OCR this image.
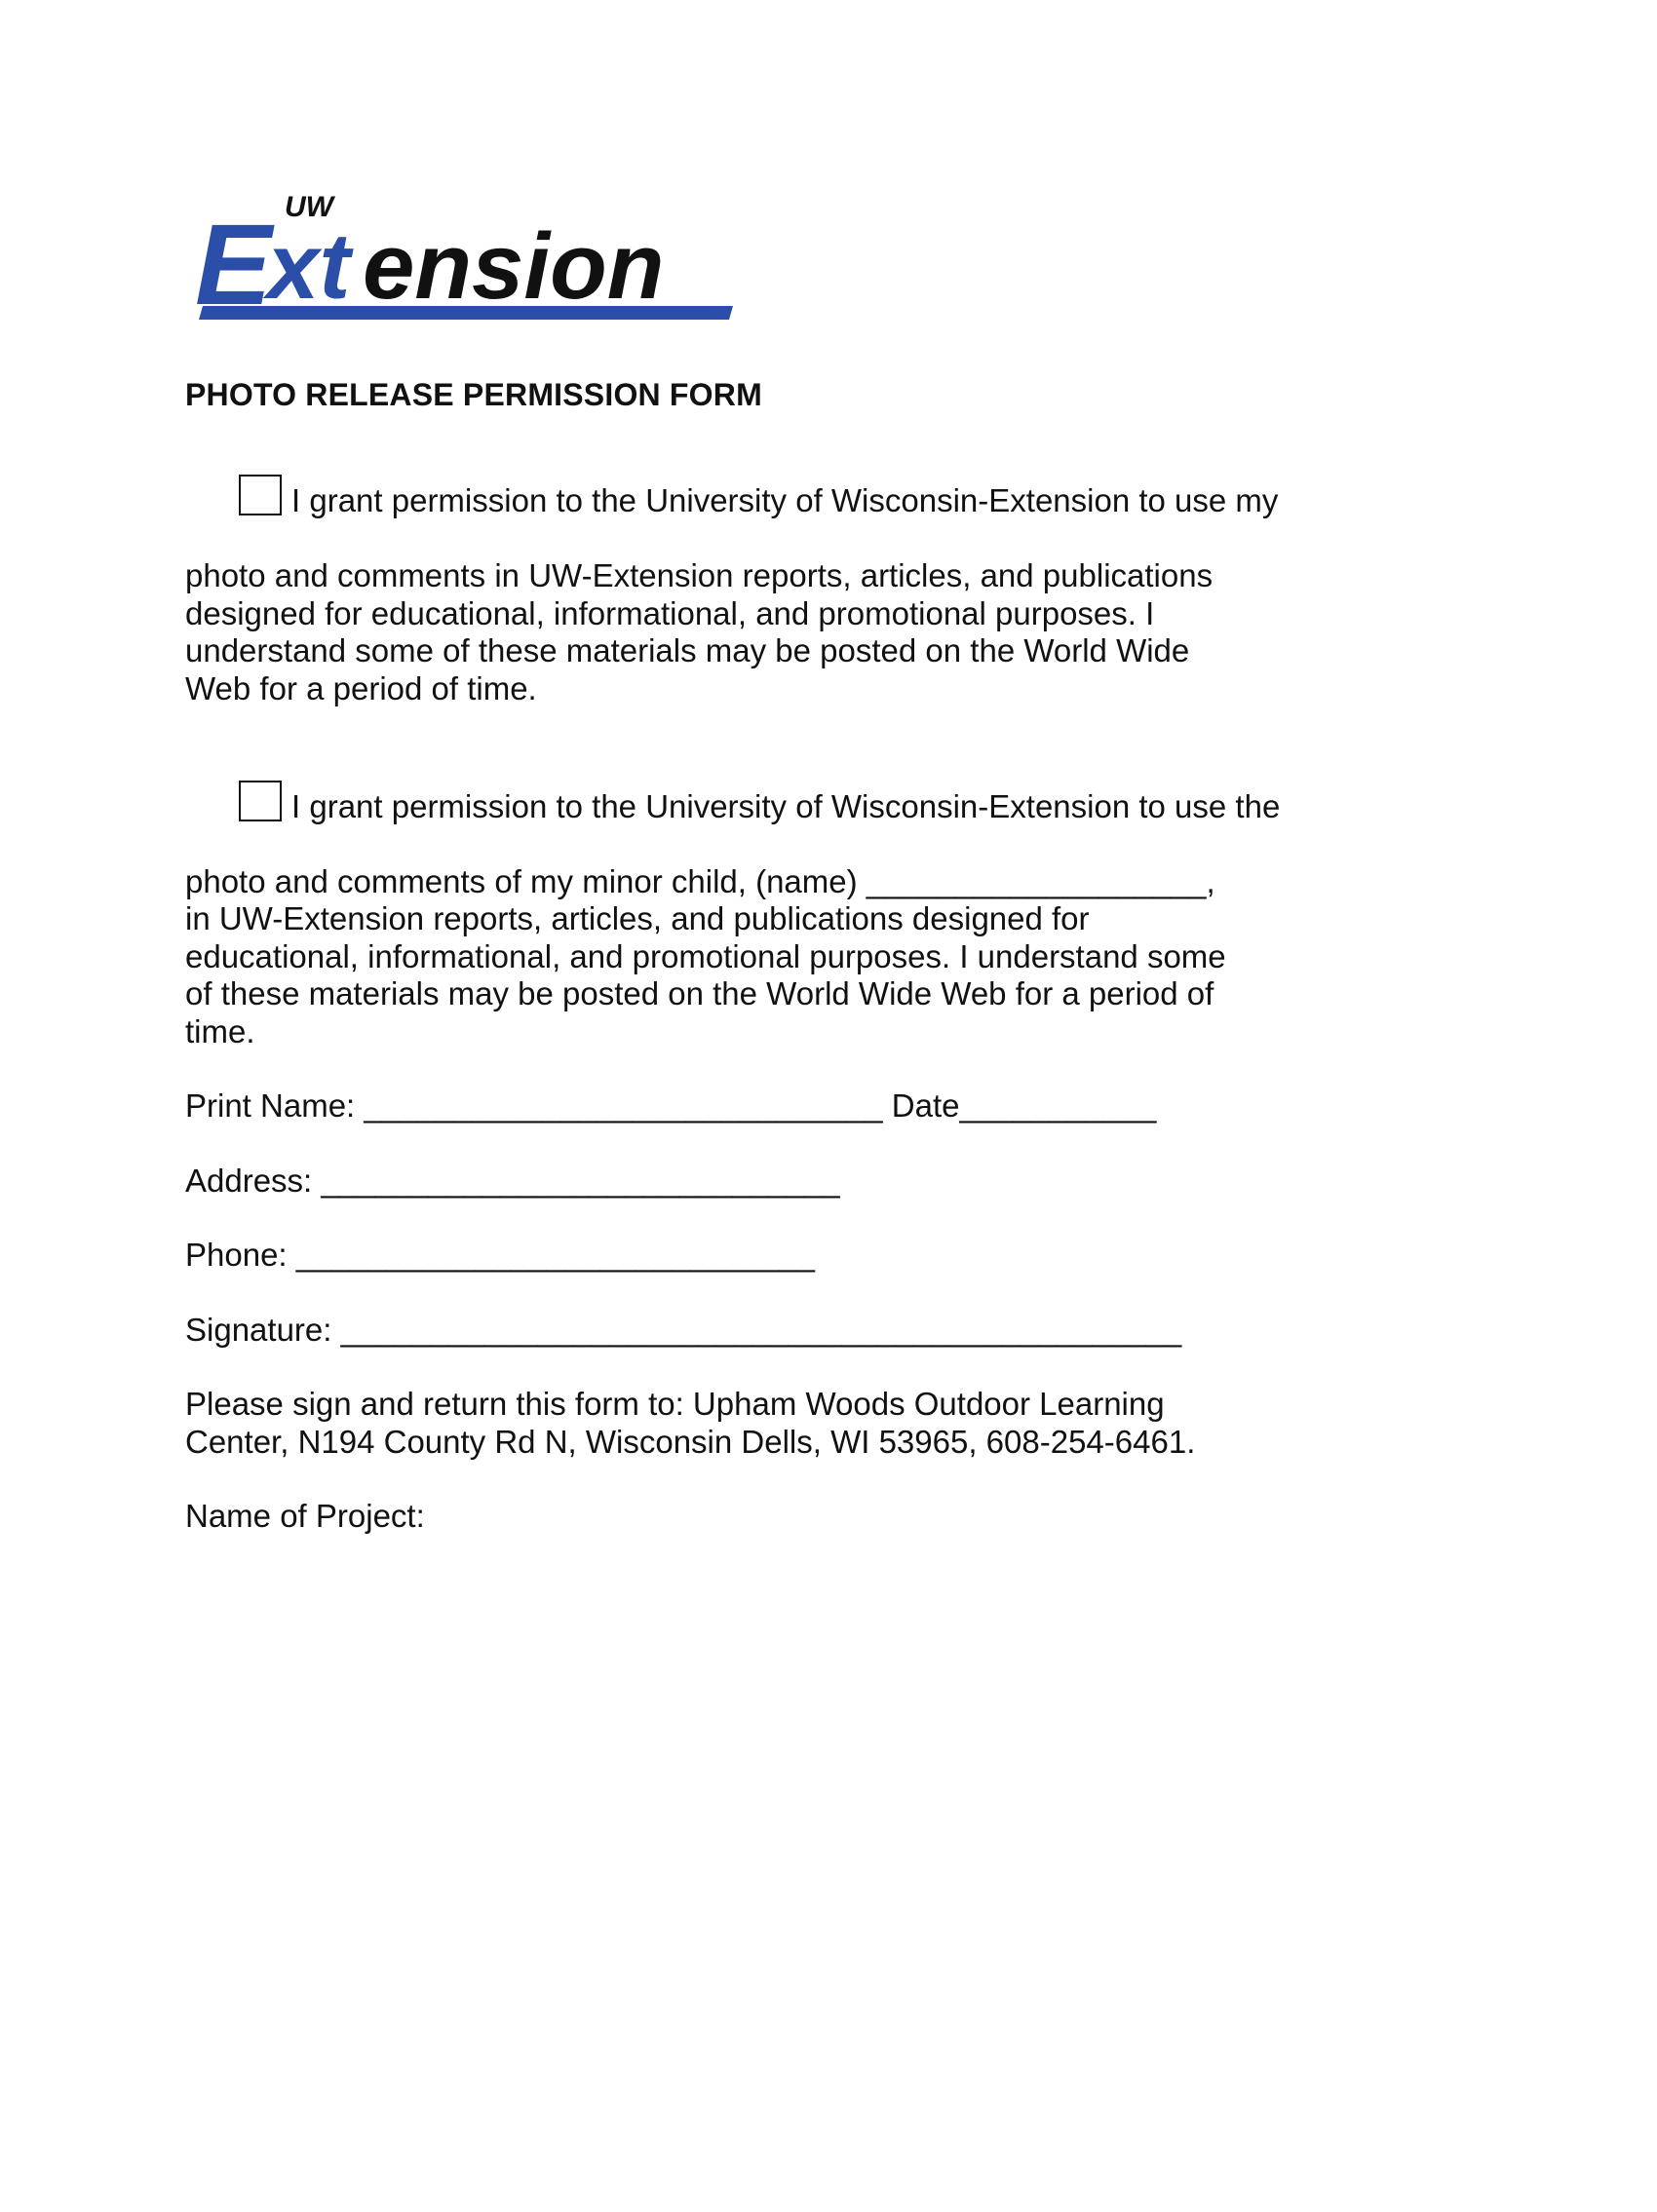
E UW
xt ension
PHOTO RELEASE PERMISSION FORM

I grant permission to the University of Wisconsin-Extension to use my

photo and comments in UW-Extension reports, articles, and publications
designed for educational, informational, and promotional purposes. I
understand some of these materials may be posted on the World Wide
Web for a period of time.

I grant permission to the University of Wisconsin-Extension to use the

photo and comments of my minor child, (name) ___________________,
in UW-Extension reports, articles, and publications designed for
educational, informational, and promotional purposes. I understand some
of these materials may be posted on the World Wide Web for a period of
time.
Print Name: _____________________________ Date___________
Address: _____________________________
Phone: _____________________________
Signature: _______________________________________________
Please sign and return this form to: Upham Woods Outdoor Learning
Center, N194 County Rd N, Wisconsin Dells, WI 53965, 608-254-6461.
Name of Project:
